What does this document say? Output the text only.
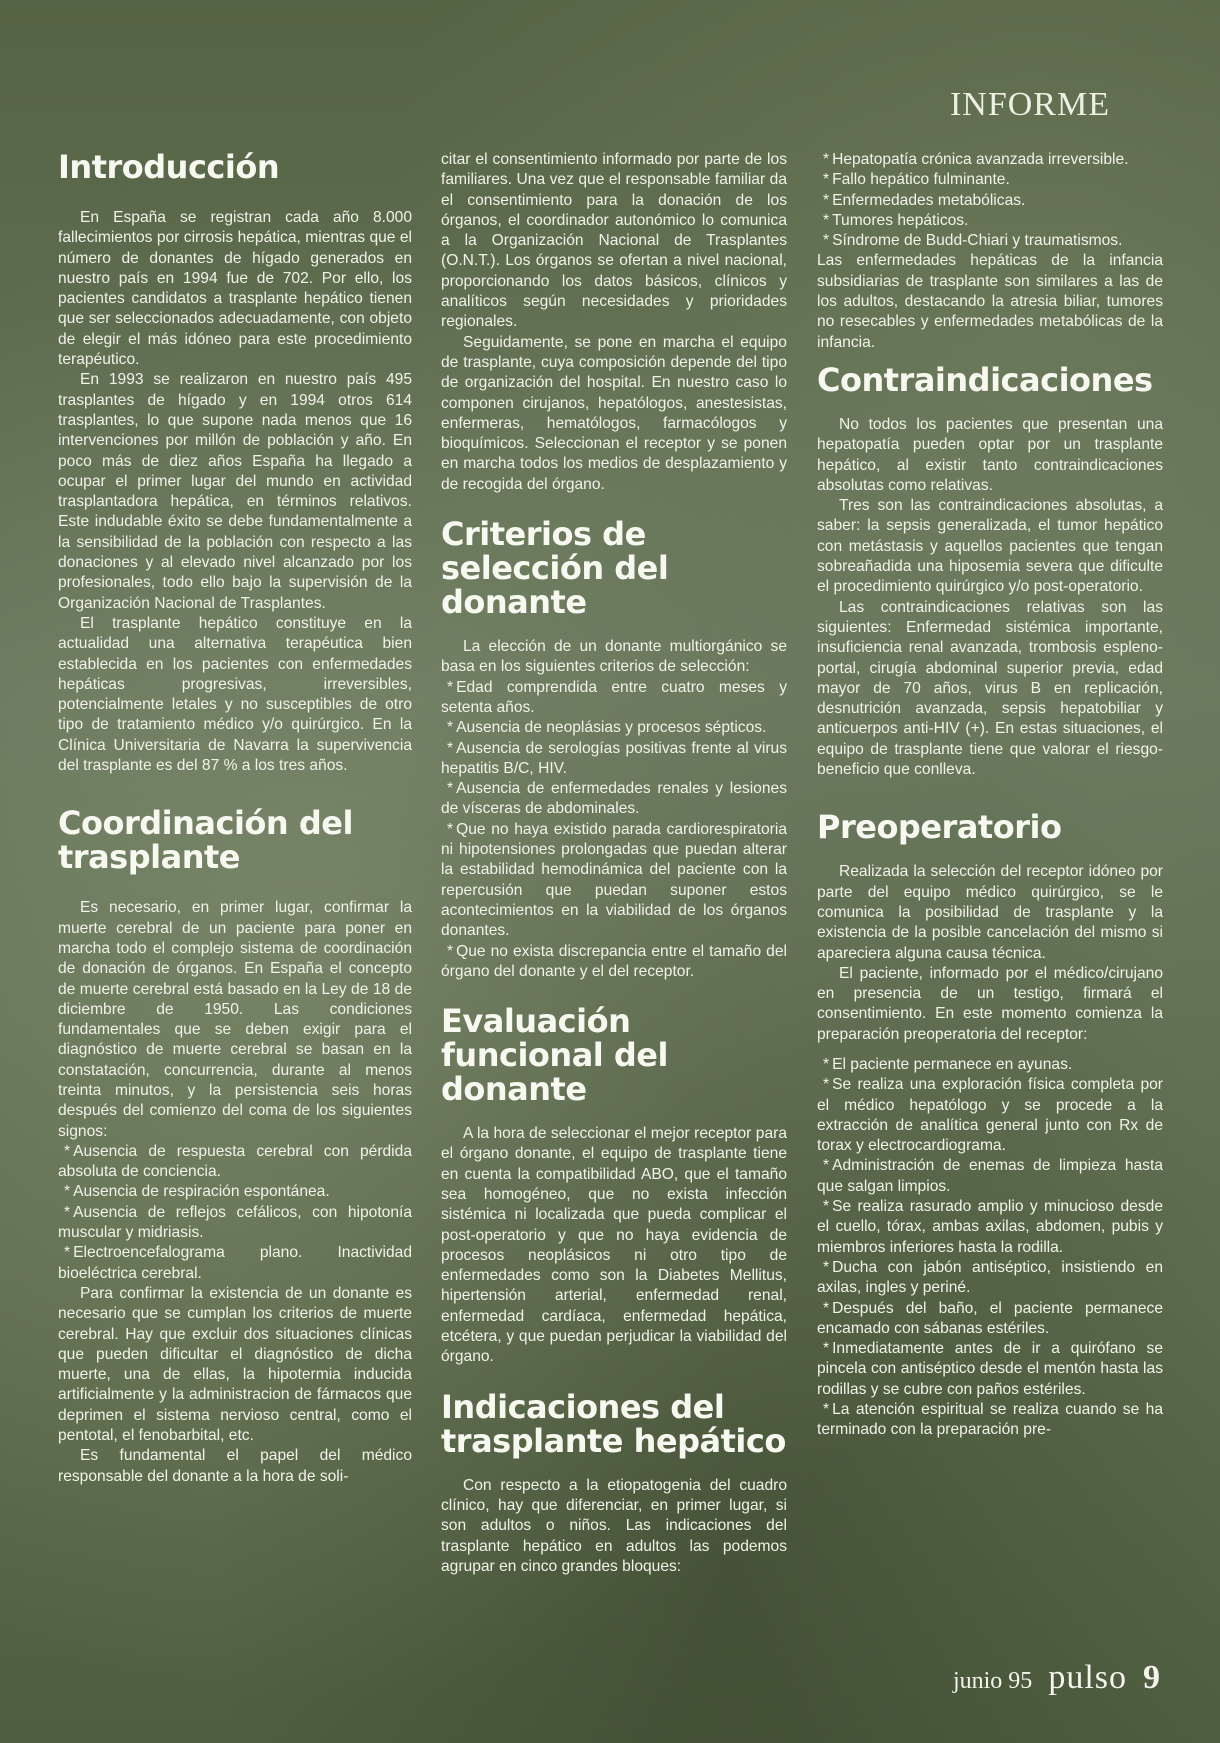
INFORME
Introducción

En España se registran cada año 8.000 fallecimientos por cirrosis hepática, mientras que el número de donantes de hígado generados en nuestro país en 1994 fue de 702. Por ello, los pacientes candidatos a trasplante hepático tienen que ser seleccionados adecuadamente, con objeto de elegir el más idóneo para este procedimiento terapéutico.

En 1993 se realizaron en nuestro país 495 trasplantes de hígado y en 1994 otros 614 trasplantes, lo que supone nada menos que 16 intervenciones por millón de población y año. En poco más de diez años España ha llegado a ocupar el primer lugar del mundo en actividad trasplantadora hepática, en términos relativos. Este indudable éxito se debe fundamentalmente a la sensibilidad de la población con respecto a las donaciones y al elevado nivel alcanzado por los profesionales, todo ello bajo la supervisión de la Organización Nacional de Trasplantes.

El trasplante hepático constituye en la actualidad una alternativa terapéutica bien establecida en los pacientes con enfermedades hepáticas progresivas, irreversibles, potencialmente letales y no susceptibles de otro tipo de tratamiento médico y/o quirúrgico. En la Clínica Universitaria de Navarra la supervivencia del trasplante es del 87 % a los tres años.

Coordinación del trasplante

Es necesario, en primer lugar, confirmar la muerte cerebral de un paciente para poner en marcha todo el complejo sistema de coordinación de donación de órganos. En España el concepto de muerte cerebral está basado en la Ley de 18 de diciembre de 1950. Las condiciones fundamentales que se deben exigir para el diagnóstico de muerte cerebral se basan en la constatación, concurrencia, durante al menos treinta minutos, y la persistencia seis horas después del comienzo del coma de los siguientes signos:

* Ausencia de respuesta cerebral con pérdida absoluta de conciencia.

* Ausencia de respiración espontánea.

* Ausencia de reflejos cefálicos, con hipotonía muscular y midriasis.

* Electroencefalograma plano. Inactividad bioeléctrica cerebral.

Para confirmar la existencia de un donante es necesario que se cumplan los criterios de muerte cerebral. Hay que excluir dos situaciones clínicas que pueden dificultar el diagnóstico de dicha muerte, una de ellas, la hipotermia inducida artificialmente y la administracion de fármacos que deprimen el sistema nervioso central, como el pentotal, el fenobarbital, etc.

Es fundamental el papel del médico responsable del donante a la hora de soli-

citar el consentimiento informado por parte de los familiares. Una vez que el responsable familiar da el consentimiento para la donación de los órganos, el coordinador autonómico lo comunica a la Organización Nacional de Trasplantes (O.N.T.). Los órganos se ofertan a nivel nacional, proporcionando los datos básicos, clínicos y analíticos según necesidades y prioridades regionales.

Seguidamente, se pone en marcha el equipo de trasplante, cuya composición depende del tipo de organización del hospital. En nuestro caso lo componen cirujanos, hepatólogos, anestesistas, enfermeras, hematólogos, farmacólogos y bioquímicos. Seleccionan el receptor y se ponen en marcha todos los medios de desplazamiento y de recogida del órgano.

Criterios de selección del donante

La elección de un donante multiorgánico se basa en los siguientes criterios de selección:

* Edad comprendida entre cuatro meses y setenta años.

* Ausencia de neoplásias y procesos sépticos.

* Ausencia de serologías positivas frente al virus hepatitis B/C, HIV.

* Ausencia de enfermedades renales y lesiones de vísceras de abdominales.

* Que no haya existido parada cardiorespiratoria ni hipotensiones prolongadas que puedan alterar la estabilidad hemodinámica del paciente con la repercusión que puedan suponer estos acontecimientos en la viabilidad de los órganos donantes.

* Que no exista discrepancia entre el tamaño del órgano del donante y el del receptor.

Evaluación funcional del donante

A la hora de seleccionar el mejor receptor para el órgano donante, el equipo de trasplante tiene en cuenta la compatibilidad ABO, que el tamaño sea homogéneo, que no exista infección sistémica ni localizada que pueda complicar el post-operatorio y que no haya evidencia de procesos neoplásicos ni otro tipo de enfermedades como son la Diabetes Mellitus, hipertensión arterial, enfermedad renal, enfermedad cardíaca, enfermedad hepática, etcétera, y que puedan perjudicar la viabilidad del órgano.

Indicaciones del trasplante hepático

Con respecto a la etiopatogenia del cuadro clínico, hay que diferenciar, en primer lugar, si son adultos o niños. Las indicaciones del trasplante hepático en adultos las podemos agrupar en cinco grandes bloques:

* Hepatopatía crónica avanzada irreversible.

* Fallo hepático fulminante.

* Enfermedades metabólicas.

* Tumores hepáticos.

* Síndrome de Budd-Chiari y traumatismos.

Las enfermedades hepáticas de la infancia subsidiarias de trasplante son similares a las de los adultos, destacando la atresia biliar, tumores no resecables y enfermedades metabólicas de la infancia.

Contraindicaciones

No todos los pacientes que presentan una hepatopatía pueden optar por un trasplante hepático, al existir tanto contraindicaciones absolutas como relativas.

Tres son las contraindicaciones absolutas, a saber: la sepsis generalizada, el tumor hepático con metástasis y aquellos pacientes que tengan sobreañadida una hiposemia severa que dificulte el procedimiento quirúrgico y/o post-operatorio.

Las contraindicaciones relativas son las siguientes: Enfermedad sistémica importante, insuficiencia renal avanzada, trombosis espleno-portal, cirugía abdominal superior previa, edad mayor de 70 años, virus B en replicación, desnutrición avanzada, sepsis hepatobiliar y anticuerpos anti-HIV (+). En estas situaciones, el equipo de trasplante tiene que valorar el riesgo-beneficio que conlleva.

Preoperatorio

Realizada la selección del receptor idóneo por parte del equipo médico quirúrgico, se le comunica la posibilidad de trasplante y la existencia de la posible cancelación del mismo si apareciera alguna causa técnica.

El paciente, informado por el médico/cirujano en presencia de un testigo, firmará el consentimiento. En este momento comienza la preparación preoperatoria del receptor:

* El paciente permanece en ayunas.

* Se realiza una exploración física completa por el médico hepatólogo y se procede a la extracción de analítica general junto con Rx de torax y electrocardiograma.

* Administración de enemas de limpieza hasta que salgan limpios.

* Se realiza rasurado amplio y minucioso desde el cuello, tórax, ambas axilas, abdomen, pubis y miembros inferiores hasta la rodilla.

* Ducha con jabón antiséptico, insistiendo en axilas, ingles y periné.

* Después del baño, el paciente permanece encamado con sábanas estériles.

* Inmediatamente antes de ir a quirófano se pincela con antiséptico desde el mentón hasta las rodillas y se cubre con paños estériles.

* La atención espiritual se realiza cuando se ha terminado con la preparación pre-

junio 95 pulso 9
